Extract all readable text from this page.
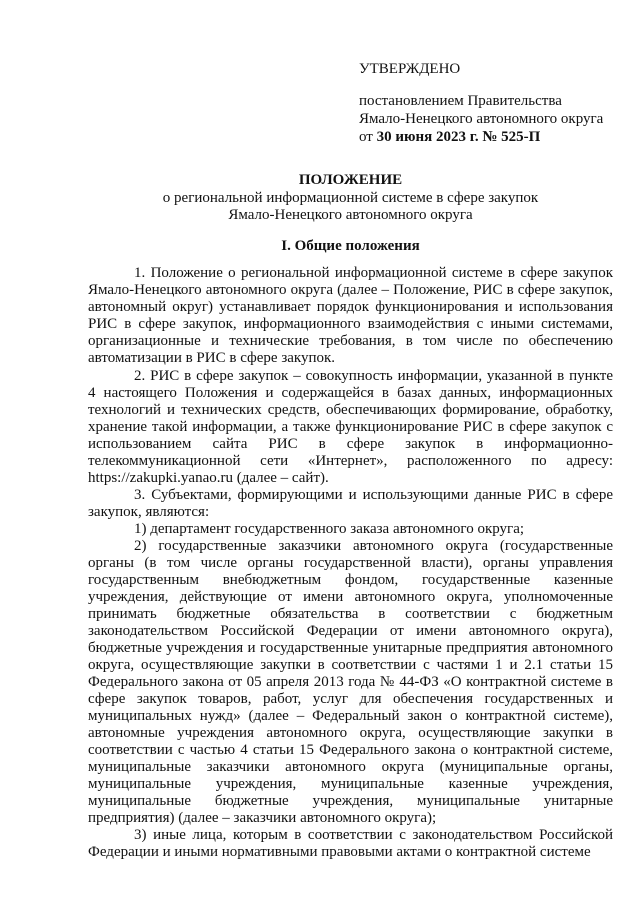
УТВЕРЖДЕНО
постановлением Правительства
Ямало-Ненецкого автономного округа
от 30 июня 2023 г. № 525-П
ПОЛОЖЕНИЕ
о региональной информационной системе в сфере закупок
Ямало-Ненецкого автономного округа
I. Общие положения

1. Положение о региональной информационной системе в сфере закупок Ямало-Ненецкого автономного округа (далее – Положение, РИС в сфере закупок, автономный округ) устанавливает порядок функционирования и использования РИС в сфере закупок, информационного взаимодействия с иными системами, организационные и технические требования, в том числе по обеспечению автоматизации в РИС в сфере закупок.

2. РИС в сфере закупок – совокупность информации, указанной в пункте 4 настоящего Положения и содержащейся в базах данных, информационных технологий и технических средств, обеспечивающих формирование, обработку, хранение такой информации, а также функционирование РИС в сфере закупок с использованием сайта РИС в сфере закупок в информационно-телекоммуникационной сети «Интернет», расположенного по адресу: https://zakupki.yanao.ru (далее – сайт).

3. Субъектами, формирующими и использующими данные РИС в сфере закупок, являются:

1) департамент государственного заказа автономного округа;

2) государственные заказчики автономного округа (государственные органы (в том числе органы государственной власти), органы управления государственным внебюджетным фондом, государственные казенные учреждения, действующие от имени автономного округа, уполномоченные принимать бюджетные обязательства в соответствии с бюджетным законодательством Российской Федерации от имени автономного округа), бюджетные учреждения и государственные унитарные предприятия автономного округа, осуществляющие закупки в соответствии с частями 1 и 2.1 статьи 15 Федерального закона от 05 апреля 2013 года № 44-ФЗ «О контрактной системе в сфере закупок товаров, работ, услуг для обеспечения государственных и муниципальных нужд» (далее – Федеральный закон о контрактной системе), автономные учреждения автономного округа, осуществляющие закупки в соответствии с частью 4 статьи 15 Федерального закона о контрактной системе, муниципальные заказчики автономного округа (муниципальные органы, муниципальные учреждения, муниципальные казенные учреждения, муниципальные бюджетные учреждения, муниципальные унитарные предприятия) (далее – заказчики автономного округа);

3) иные лица, которым в соответствии с законодательством Российской Федерации и иными нормативными правовыми актами о контрактной системе
